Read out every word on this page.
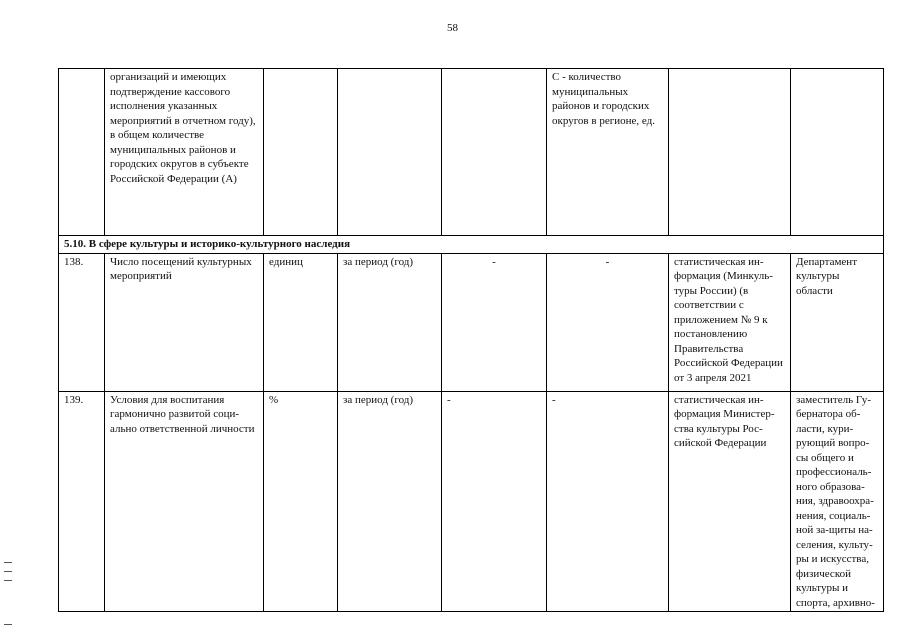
58
	организаций и имеющих подтверждение кассового исполнения указанных мероприятий в отчетном году), в общем количестве муниципальных районов и городских округов в субъекте Российской Федерации (А)				С - количество муниципальных районов и городских округов в регионе, ед.		
5.10. В сфере культуры и историко-культурного наследия							
138.	Число посещений культурных мероприятий	единиц	за период (год)	-	-	статистическая информация (Минкультуры России) (в соответствии с приложением № 9 к постановлению Правительства Российской Федерации от 3 апреля 2021	Департамент культуры области
139.	Условия для воспитания гармонично развитой социально ответственной личности	%	за период (год)	-	-	статистическая информация Министерства культуры Российской Федерации	заместитель Губернатора области, курирующий вопросы общего и профессионального образования, здравоохранения, социальной за-щиты населения, культуры и искусства, физической культуры и спорта, архивно-
